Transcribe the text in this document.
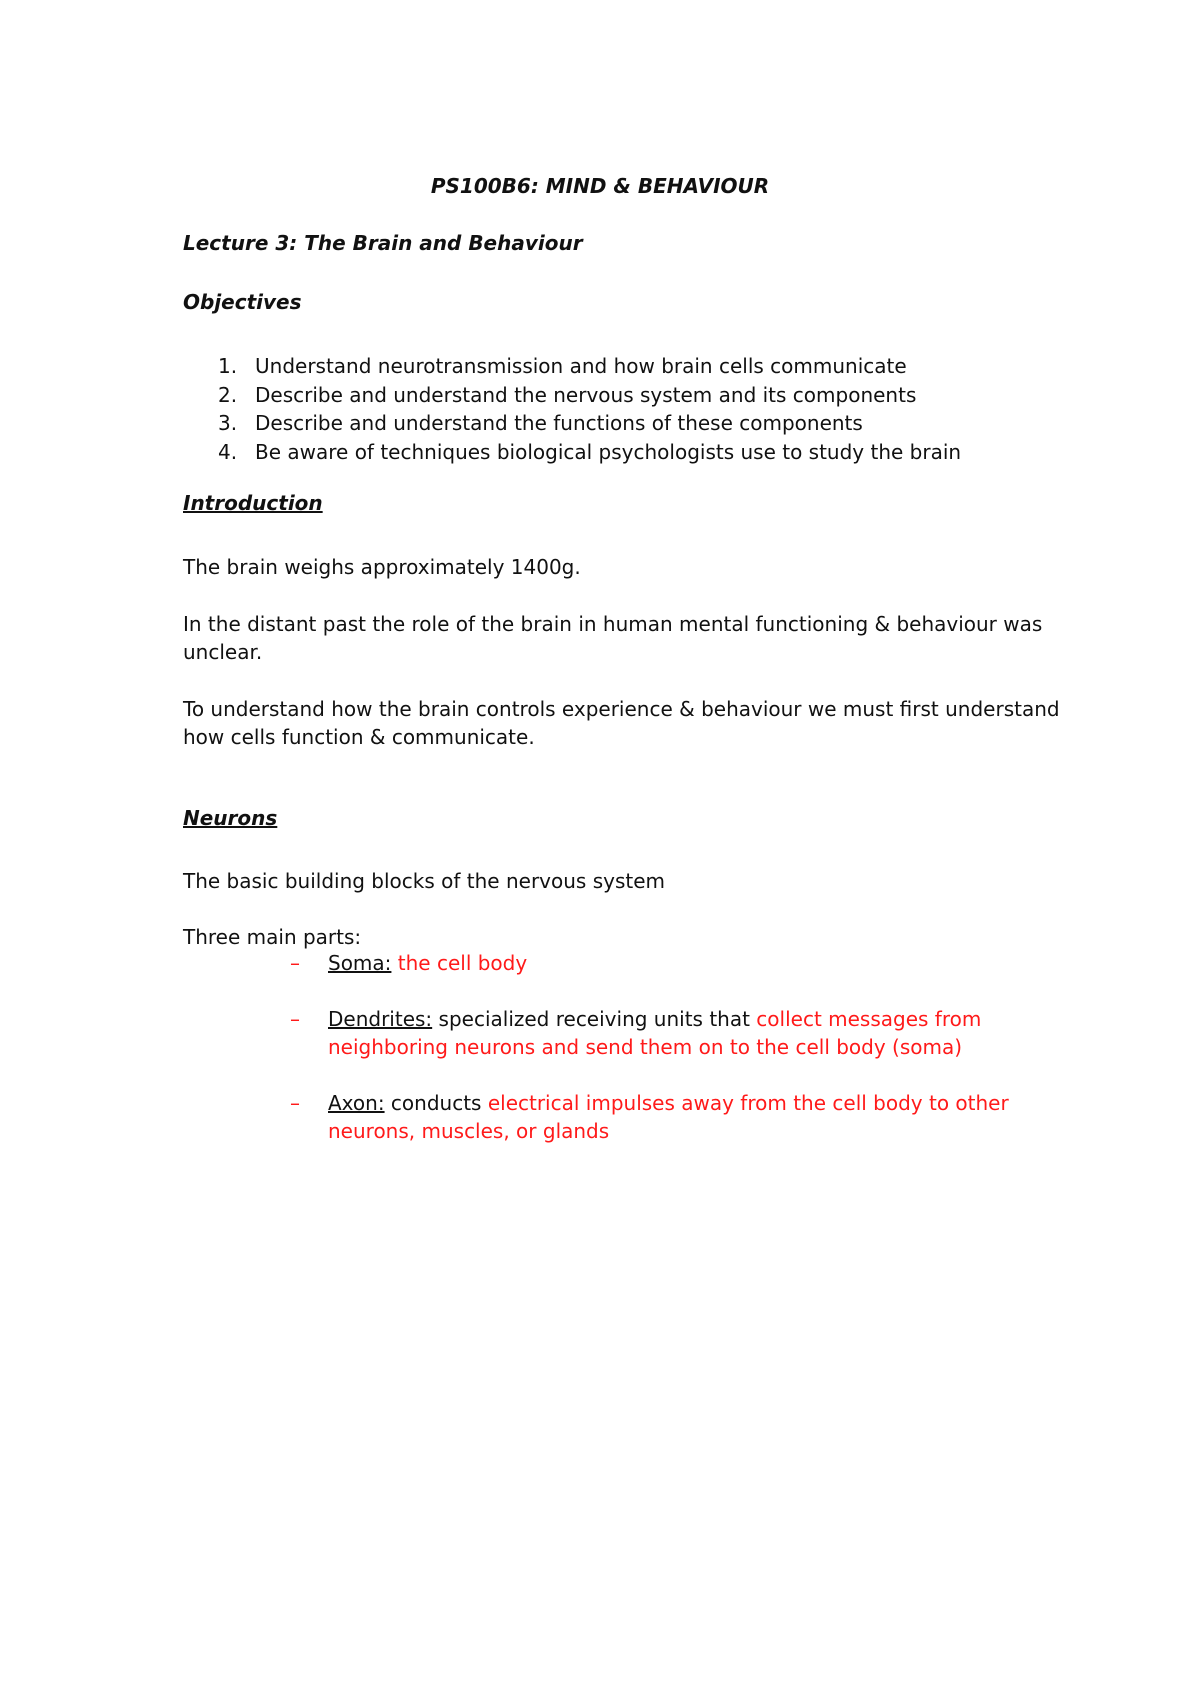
PS100B6: MIND & BEHAVIOUR
Lecture 3: The Brain and Behaviour
Objectives
1. Understand neurotransmission and how brain cells communicate
2. Describe and understand the nervous system and its components
3. Describe and understand the functions of these components
4. Be aware of techniques biological psychologists use to study the brain
Introduction
The brain weighs approximately 1400g.
In the distant past the role of the brain in human mental functioning & behaviour was
unclear.
To understand how the brain controls experience & behaviour we must first understand
how cells function & communicate.
Neurons
The basic building blocks of the nervous system
Three main parts:
– Soma: the cell body
– Dendrites: specialized receiving units that collect messages from
neighboring neurons and send them on to the cell body (soma)
– Axon: conducts electrical impulses away from the cell body to other
neurons, muscles, or glands
